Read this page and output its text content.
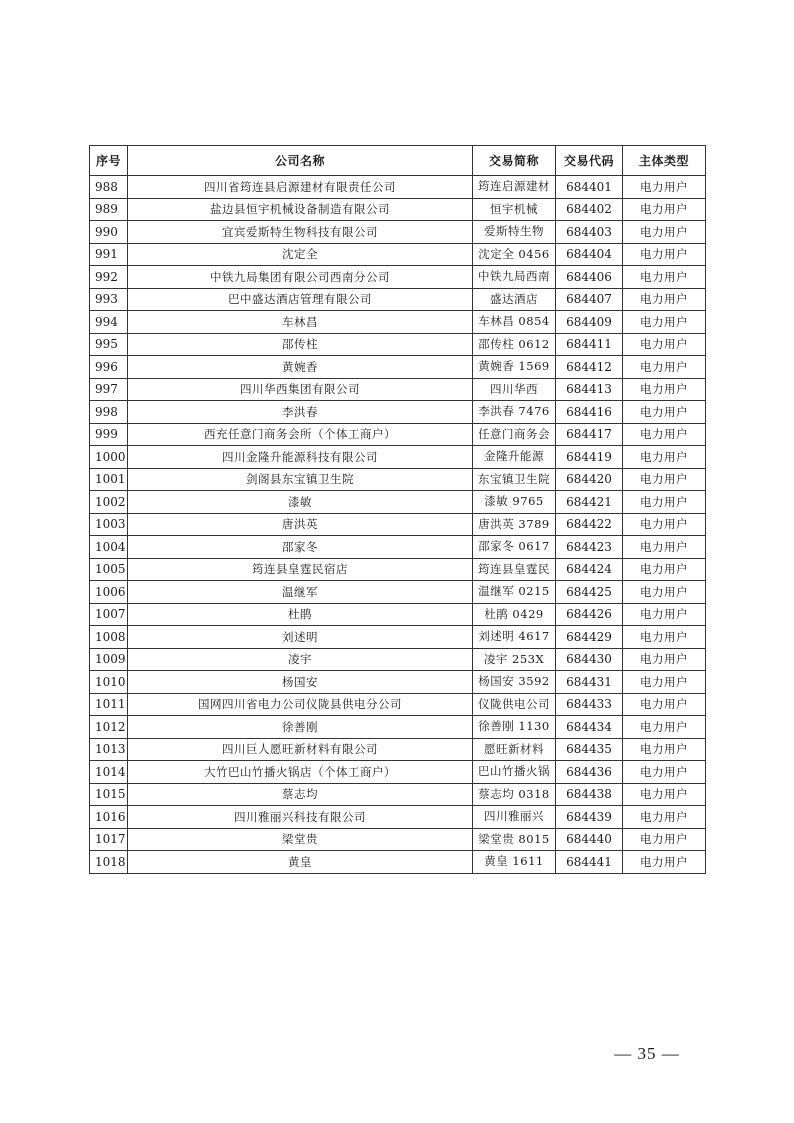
序号	公司名称	交易简称	交易代码	主体类型
988	四川省筠连县启源建材有限责任公司	筠连启源建材	684401	电力用户
989	盐边县恒宇机械设备制造有限公司	恒宇机械	684402	电力用户
990	宜宾爱斯特生物科技有限公司	爱斯特生物	684403	电力用户
991	沈定全	沈定全 0456	684404	电力用户
992	中铁九局集团有限公司西南分公司	中铁九局西南	684406	电力用户
993	巴中盛达酒店管理有限公司	盛达酒店	684407	电力用户
994	车林昌	车林昌 0854	684409	电力用户
995	邵传柱	邵传柱 0612	684411	电力用户
996	黄婉香	黄婉香 1569	684412	电力用户
997	四川华西集团有限公司	四川华西	684413	电力用户
998	李洪春	李洪春 7476	684416	电力用户
999	西充任意门商务会所（个体工商户）	任意门商务会	684417	电力用户
1000	四川金隆升能源科技有限公司	金隆升能源	684419	电力用户
1001	剑阁县东宝镇卫生院	东宝镇卫生院	684420	电力用户
1002	漆敏	漆敏 9765	684421	电力用户
1003	唐洪英	唐洪英 3789	684422	电力用户
1004	邵家冬	邵家冬 0617	684423	电力用户
1005	筠连县皇霆民宿店	筠连县皇霆民	684424	电力用户
1006	温继军	温继军 0215	684425	电力用户
1007	杜鹃	杜鹃 0429	684426	电力用户
1008	刘述明	刘述明 4617	684429	电力用户
1009	凌宇	凌宇 253X	684430	电力用户
1010	杨国安	杨国安 3592	684431	电力用户
1011	国网四川省电力公司仪陇县供电分公司	仪陇供电公司	684433	电力用户
1012	徐善刚	徐善刚 1130	684434	电力用户
1013	四川巨人愿旺新材料有限公司	愿旺新材料	684435	电力用户
1014	大竹巴山竹播火锅店（个体工商户）	巴山竹播火锅	684436	电力用户
1015	蔡志均	蔡志均 0318	684438	电力用户
1016	四川雅丽兴科技有限公司	四川雅丽兴	684439	电力用户
1017	梁堂贵	梁堂贵 8015	684440	电力用户
1018	黄皇	黄皇 1611	684441	电力用户
— 35 —
